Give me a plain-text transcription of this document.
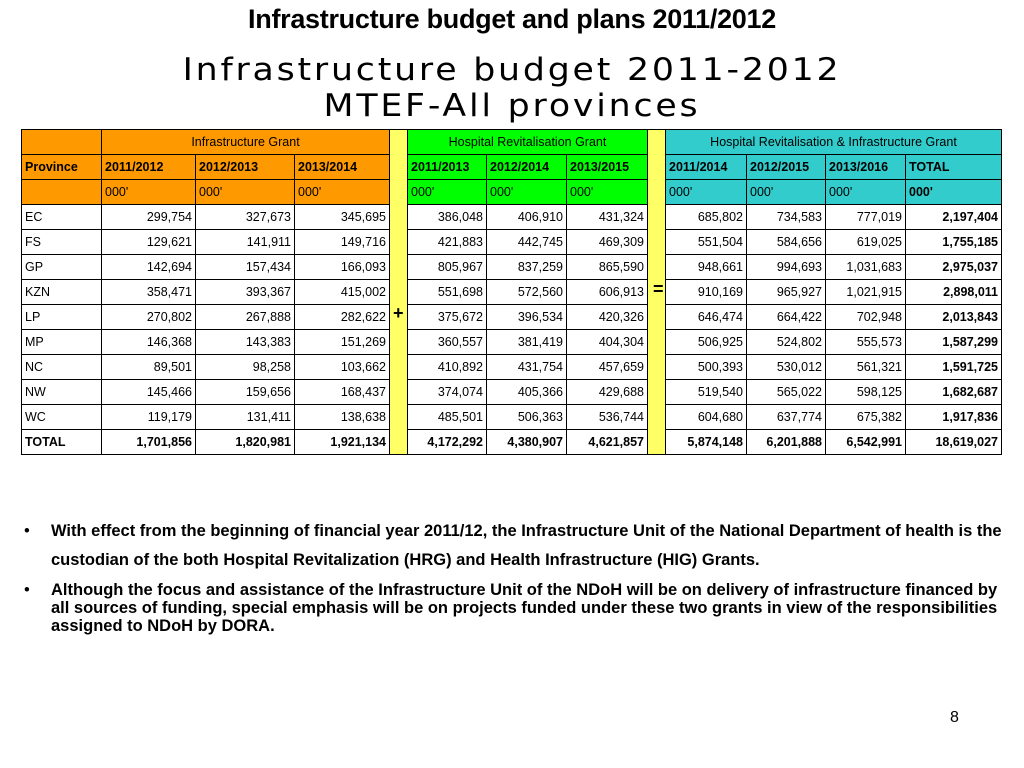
Infrastructure budget and plans 2011/2012
Infrastructure budget 2011-2012
MTEF-All provinces
	Infrastructure Grant				Hospital Revitalisation Grant				Hospital Revitalisation & Infrastructure Grant			
Province	2011/2012	2012/2013	2013/2014		2011/2013	2012/2014	2013/2015		2011/2014	2012/2015	2013/2016	TOTAL
	000'	000'	000'		000'	000'	000'		000'	000'	000'	000'
EC	299,754	327,673	345,695		386,048	406,910	431,324		685,802	734,583	777,019	2,197,404
FS	129,621	141,911	149,716		421,883	442,745	469,309		551,504	584,656	619,025	1,755,185
GP	142,694	157,434	166,093		805,967	837,259	865,590		948,661	994,693	1,031,683	2,975,037
KZN	358,471	393,367	415,002		551,698	572,560	606,913		910,169	965,927	1,021,915	2,898,011
LP	270,802	267,888	282,622		375,672	396,534	420,326		646,474	664,422	702,948	2,013,843
MP	146,368	143,383	151,269		360,557	381,419	404,304		506,925	524,802	555,573	1,587,299
NC	89,501	98,258	103,662		410,892	431,754	457,659		500,393	530,012	561,321	1,591,725
NW	145,466	159,656	168,437		374,074	405,366	429,688		519,540	565,022	598,125	1,682,687
WC	119,179	131,411	138,638		485,501	506,363	536,744		604,680	637,774	675,382	1,917,836
TOTAL	1,701,856	1,820,981	1,921,134		4,172,292	4,380,907	4,621,857		5,874,148	6,201,888	6,542,991	18,619,027
+
=
• With effect from the beginning of financial year 2011/12, the Infrastructure Unit of the National Department of health is the custodian of the both Hospital Revitalization (HRG) and Health Infrastructure (HIG) Grants.
• Although the focus and assistance of the Infrastructure Unit of the NDoH will be on delivery of infrastructure financed by all sources of funding, special emphasis will be on projects funded under these two grants in view of the responsibilities assigned to NDoH by DORA.
8
